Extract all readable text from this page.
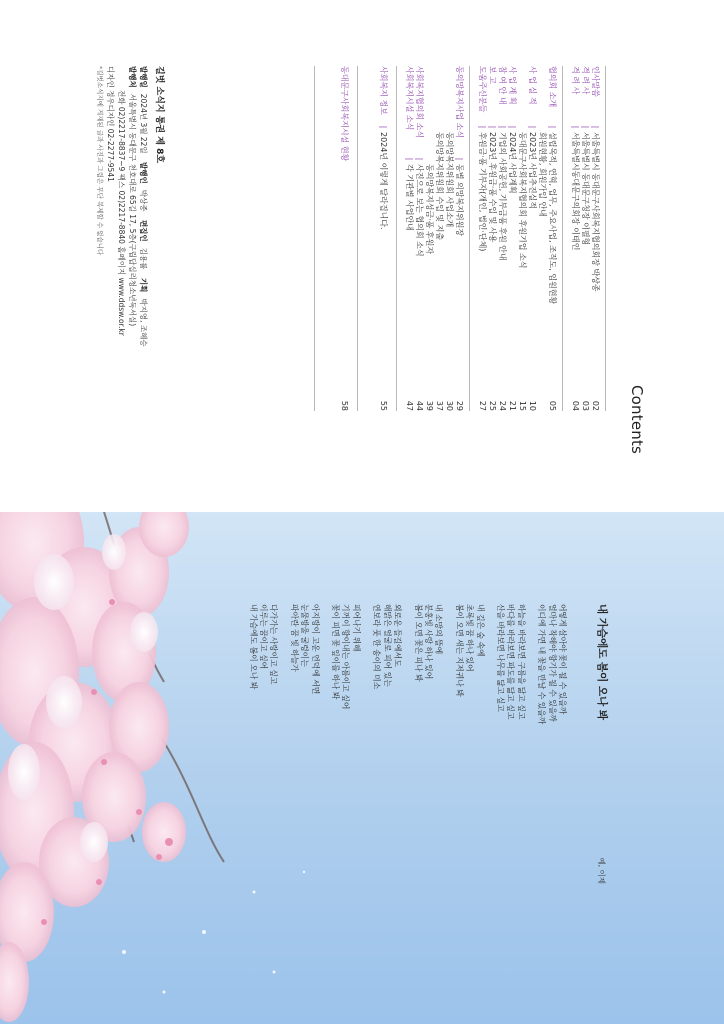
Contents
인사말씀
|
서울특별시 동대문구사회복지협의회장 박상종
02
격 려 사
|
서울특별시 동대문구청장 이필형
03
격 려 사
|
서울특별시동대문구의회장 이태인
04
협의회 소개
|
설립목적, 연혁, 업무, 주요사업, 조직도, 임원현황
05
회원현황, 회원가입 안내
사 업 실 적
|
2023년 사업추진실적
10
동대문구사회복지협의회 후원기업 소식
15
사 업 계 획
|
2024년 사업계획
21
참 여 안 내
|
기업의 사회공헌, 기부금품 후원 안내
24
보 고
|
2023년 후원금·품 수입 및 사용
25
도움주신분들
|
후원금·품 기부자(개인, 법인·단체)
27
동의망복지사업 소식
|
동별 의망복지위원장
29
동의망복지위원회 사업소개
30
동의망복지위원회 수입 및 지출
37
동의망복지성금·품 후원자
39
사회복지협의회 소식
|
사진으로 보는 협의회 소식
44
사회복지시설 소식
|
각 기관별 사업안내
47
사회복지 정보
|
2024년 이렇게 달라집니다.
55
동대문구사회복지시설 현황
58
길벗 소식지 통권 제 8호
발행일2024년 3월 22일 발행인박상종 편집인김용률 기획박지영, 조혜승
발행처서울특별시 동대문구 천호대로 65길 17, 5층(구립답십리청소년독서실)
전화 02)2217-8837~9 팩스 02)2217-8840 홈페이지 www.ddsw.or.kr
디자인 정우디자인 02-2277-9541
*길벗소식지에 게재된 글과 사진과 그림은 무단 복제할 수 없습니다
내 가슴에도 봄이 오나 봐
예, 이제
어떻게 살아야 꽃이 될 수 있을까
얼마나 착해야 향기가 될 수 있을까
이디에 가면 내 꽃을 만날 수 있을까
하늘을 바라보면 구름을 닮고 싶고
바다를 바라보면 파도를 닮고 싶고
산을 바라보면 나무를 닮고 싶고
내 깊은 숲 속에
초록빛 꿈 하나 있어
봄이 오면 새는 지저귀나 봐
내 소망의 뜰에
분홍빛 사랑 하나 있어
봄이 오면 꽃은 피나 봐
외로운 들길에서도
해맑은 얼굴로 피어 있는
연보라 풋 한 송이의 미소
피어나기 위해
기꺼이 향이내는 아름이고 싶어
꽃이 피면 꽃 잎이를 하나 봐
아지랑이 고운 언덕에 서면
눈물방울 굴렁이는
파아란 꿈 빛 하늘가
다가가는 사랑이고 싶고
이루는 꿈이고 싶어
내 가슴에도 봄이 오나 봐
